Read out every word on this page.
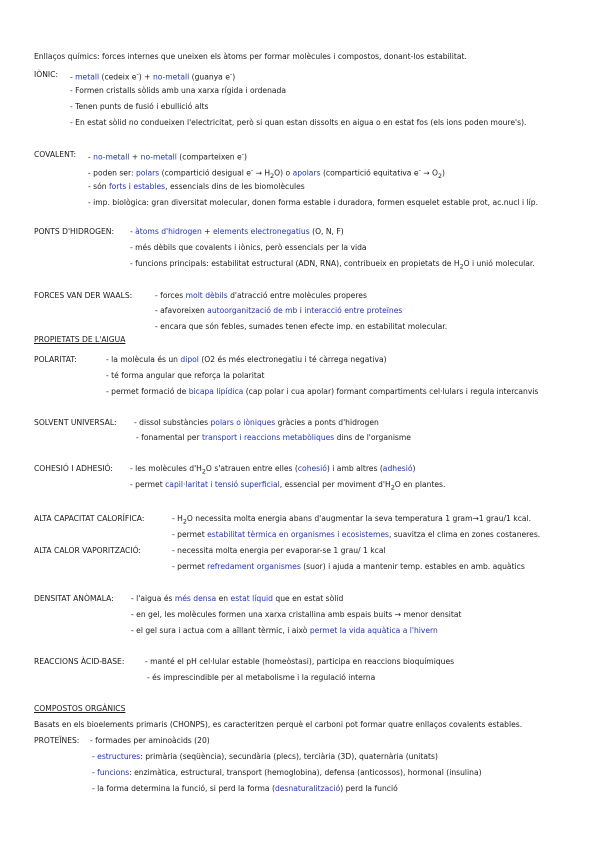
Enllaços químics: forces internes que uneixen els àtoms per formar molècules i compostos, donant-los estabilitat.
IÒNIC: - metall (cedeix e-) + no-metall (guanya e-)
- Formen cristalls sòlids amb una xarxa rígida i ordenada
- Tenen punts de fusió i ebullició alts
- En estat sòlid no condueixen l'electricitat, però si quan estan dissolts en aigua o en estat fos (els ions poden moure's).
COVALENT: - no-metall + no-metall (comparteixen e-)
- poden ser: polars (compartició desigual $e^- \to H_2O$) o apolars (compartició equitativa $e^- \to O_2$)
- són forts i estables, essencials dins de les biomolècules
- imp. biològica: gran diversitat molecular, donen forma estable i duradora, formen esquelet estable prot, ac.nucl i líp.
PONTS D'HIDROGEN: - àtoms d'hidrogen + elements electronegatius (O, N, F)
- més dèbils que covalents i iònics, però essencials per la vida
- funcions principals: estabilitat estructural (ADN, RNA), contribueix en propietats de $H_2O$ i unió molecular.
FORCES VAN DER WAALS:	- forces molt dèbils d'atracció entre molècules properes
- afavoreixen autoorganització de mb i interacció entre proteïnes
- encara que són febles, sumades tenen efecte imp. en estabilitat molecular.
PROPIETATS DE L'AIGUA
POLARITAT:	- la molècula és un dipol (O2 és més electronegatiu i té càrrega negativa)
- té forma angular que reforça la polaritat
- permet formació de bicapa lipídica (cap polar i cua apolar) formant compartiments cel·lulars i regula intercanvis
SOLVENT UNIVERSAL: - dissol substàncies polars o iòniques gràcies a ponts d'hidrogen
- fonamental per transport i reaccions metabòliques dins de l'organisme
COHESIÓ I ADHESIÓ: - les molècules $d'H_2O$ s'atrauen entre elles (cohesió) i amb altres (adhesió)
- permet capil·laritat i tensió superficial, essencial per moviment $d'H_2O$ en plantes.
ALTA CAPACITAT CALORÍFICA:	- $H_2O$ necessita molta energia abans d'augmentar la seva temperatura 1 gram→1 grau/1 kcal.
- permet estabilitat tèrmica en organismes i ecosistemes, suavitza el clima en zones costaneres.
ALTA CALOR VAPORITZACIÓ:	- necessita molta energia per evaporar-se 1 grau/ 1 kcal
- permet refredament organismes (suor) i ajuda a mantenir temp. estables en amb. aquàtics
DENSITAT ANÒMALA: - l'aigua és més densa en estat líquid que en estat sòlid
- en gel, les molècules formen una xarxa cristallina amb espais buits → menor densitat
- el gel sura i actua com a aïllant tèrmic, i això permet la vida aquàtica a l'hivern
REACCIONS ÀCID-BASE:	- manté el pH cel·lular estable (homeòstasi), participa en reaccions bioquímiques
- és imprescindible per al metabolisme i la regulació interna
COMPOSTOS ORGÀNICS
Basats en els bioelements primaris (CHONPS), es caracteritzen perquè el carboni pot formar quatre enllaços covalents estables.
PROTEÏNES: - formades per aminoàcids (20)
- estructures: primària (seqüència), secundària (plecs), terciària (3D), quaternària (unitats)
- funcions: enzimàtica, estructural, transport (hemoglobina), defensa (anticossos), hormonal (insulina)
- la forma determina la funció, si perd la forma (desnaturalització) perd la funció
